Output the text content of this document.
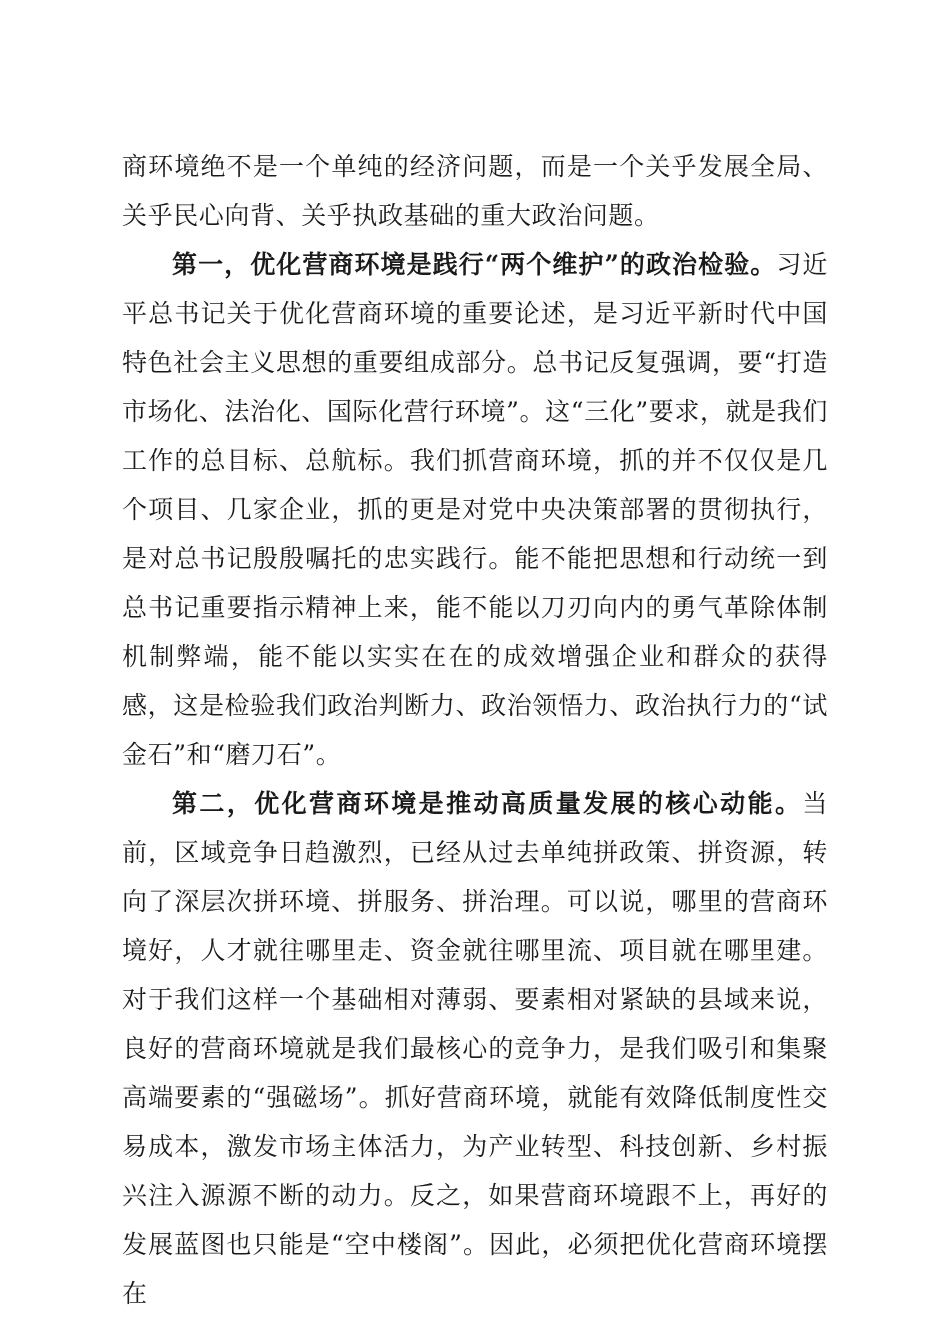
商环境绝不是一个单纯的经济问题，而是一个关乎发展全局、关乎民心向背、关乎执政基础的重大政治问题。

第一，优化营商环境是践行“两个维护”的政治检验。习近平总书记关于优化营商环境的重要论述，是习近平新时代中国特色社会主义思想的重要组成部分。总书记反复强调，要“打造市场化、法治化、国际化营行环境”。这“三化”要求，就是我们工作的总目标、总航标。我们抓营商环境，抓的并不仅仅是几个项目、几家企业，抓的更是对党中央决策部署的贯彻执行，是对总书记殷殷嘱托的忠实践行。能不能把思想和行动统一到总书记重要指示精神上来，能不能以刀刃向内的勇气革除体制机制弊端，能不能以实实在在的成效增强企业和群众的获得感，这是检验我们政治判断力、政治领悟力、政治执行力的“试金石”和“磨刀石”。

第二，优化营商环境是推动高质量发展的核心动能。当前，区域竞争日趋激烈，已经从过去单纯拼政策、拼资源，转向了深层次拼环境、拼服务、拼治理。可以说，哪里的营商环境好，人才就往哪里走、资金就往哪里流、项目就在哪里建。对于我们这样一个基础相对薄弱、要素相对紧缺的县域来说，良好的营商环境就是我们最核心的竞争力，是我们吸引和集聚高端要素的“强磁场”。抓好营商环境，就能有效降低制度性交易成本，激发市场主体活力，为产业转型、科技创新、乡村振兴注入源源不断的动力。反之，如果营商环境跟不上，再好的发展蓝图也只能是“空中楼阁”。因此，必须把优化营商环境摆在
